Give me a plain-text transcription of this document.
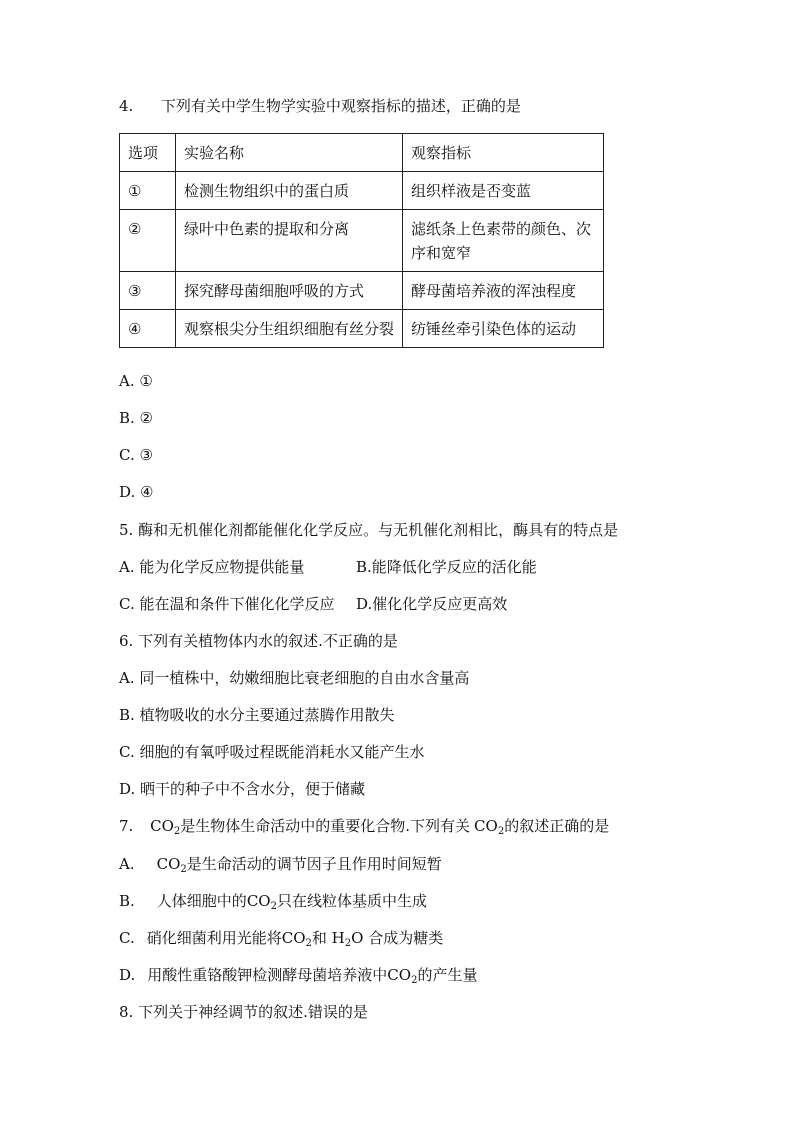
4. 下列有关中学生物学实验中观察指标的描述，正确的是
选项	实验名称	观察指标
①	检测生物组织中的蛋白质	组织样液是否变蓝
②	绿叶中色素的提取和分离	滤纸条上色素带的颜色、次序和宽窄
③	探究酵母菌细胞呼吸的方式	酵母菌培养液的浑浊程度
④	观察根尖分生组织细胞有丝分裂	纺锤丝牵引染色体的运动
A. ①
B. ②
C. ③
D. ④
5. 酶和无机催化剂都能催化化学反应。与无机催化剂相比，酶具有的特点是
A. 能为化学反应物提供能量	B.能降低化学反应的活化能
C. 能在温和条件下催化化学反应 D.催化化学反应更高效
6. 下列有关植物体内水的叙述.不正确的是
A. 同一植株中，幼嫩细胞比衰老细胞的自由水含量高
B. 植物吸收的水分主要通过蒸腾作用散失
C. 细胞的有氧呼吸过程既能消耗水又能产生水
D. 晒干的种子中不含水分，便于储藏
7. $CO_2$是生物体生命活动中的重要化合物.下列有关 $CO_2$的叙述正确的是
A. $CO_2$是生命活动的调节因子且作用时间短暂
B. 人体细胞中的$CO_2$只在线粒体基质中生成
C. 硝化细菌利用光能将$CO_2$和 $H_2O$ 合成为糖类
D. 用酸性重铬酸钾检测酵母菌培养液中$CO_2$的产生量
8. 下列关于神经调节的叙述.错误的是
